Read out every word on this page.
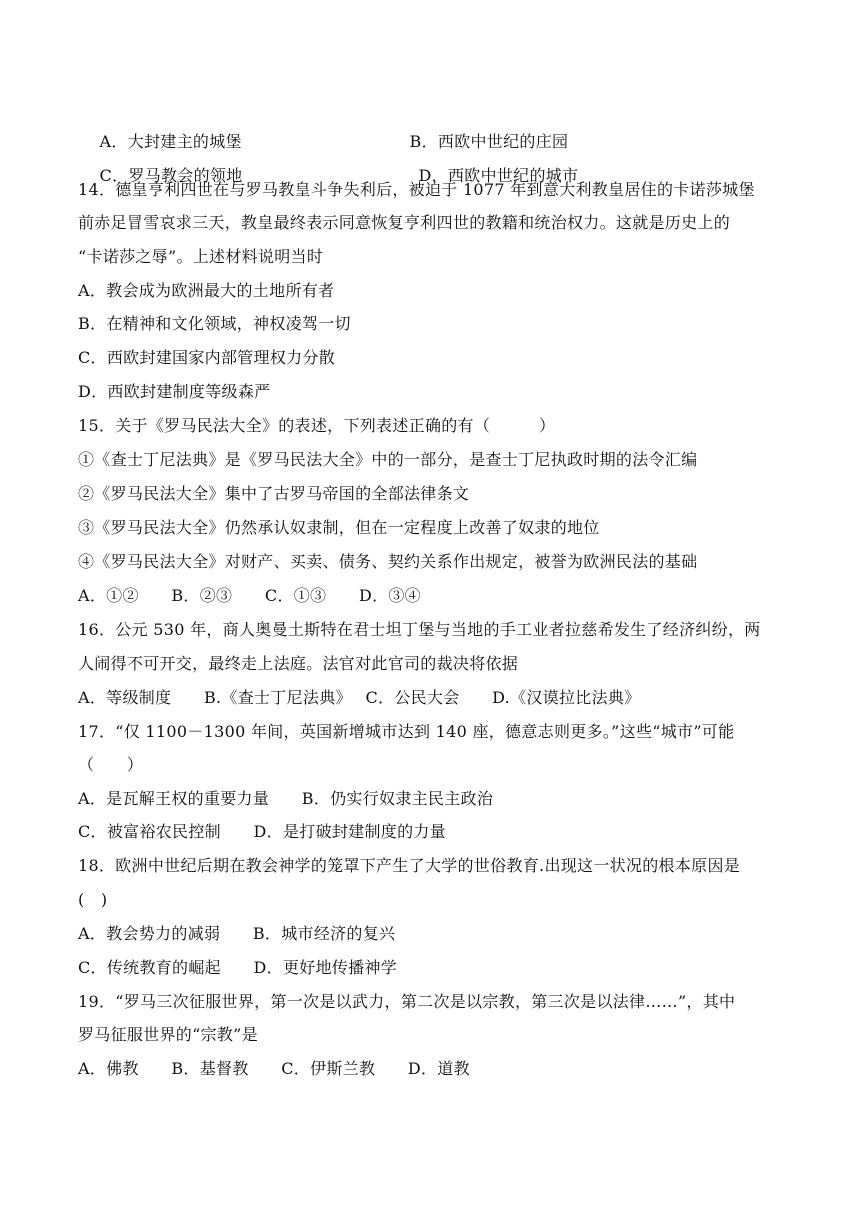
A．大封建主的城堡
	B．西欧中世纪的庄园

C．罗马教会的领地
	D．西欧中世纪的城市

14．德皇亨利四世在与罗马教皇斗争失利后，被迫于 1077 年到意大利教皇居住的卡诺莎城堡
前赤足冒雪哀求三天，教皇最终表示同意恢复亨利四世的教籍和统治权力。这就是历史上的
“卡诺莎之辱”。上述材料说明当时
A．教会成为欧洲最大的土地所有者
B．在精神和文化领域，神权凌驾一切
C．西欧封建国家内部管理权力分散
D．西欧封建制度等级森严
15．关于《罗马民法大全》的表述，下列表述正确的有（　　　）
①《查士丁尼法典》是《罗马民法大全》中的一部分，是查士丁尼执政时期的法令汇编
②《罗马民法大全》集中了古罗马帝国的全部法律条文
③《罗马民法大全》仍然承认奴隶制，但在一定程度上改善了奴隶的地位
④《罗马民法大全》对财产、买卖、债务、契约关系作出规定，被誉为欧洲民法的基础
A．①②　　B．②③　　C．①③　　D．③④
16．公元 530 年，商人奥曼土斯特在君士坦丁堡与当地的手工业者拉慈希发生了经济纠纷，两
人闹得不可开交，最终走上法庭。法官对此官司的裁决将依据
A．等级制度　　B.《查士丁尼法典》　 C．公民大会　　D.《汉谟拉比法典》
17．“仅 1100－1300 年间，英国新增城市达到 140 座，德意志则更多。”这些“城市”可能
（　　）
A．是瓦解王权的重要力量　　B．仍实行奴隶主民主政治
C．被富裕农民控制　　D．是打破封建制度的力量
18．欧洲中世纪后期在教会神学的笼罩下产生了大学的世俗教育.出现这一状况的根本原因是
(　)
A．教会势力的减弱　　B．城市经济的复兴
C．传统教育的崛起　　D．更好地传播神学
19．“罗马三次征服世界，第一次是以武力，第二次是以宗教，第三次是以法律……”，其中
罗马征服世界的“宗教”是
A．佛教　　B．基督教　　C．伊斯兰教　　D．道教
